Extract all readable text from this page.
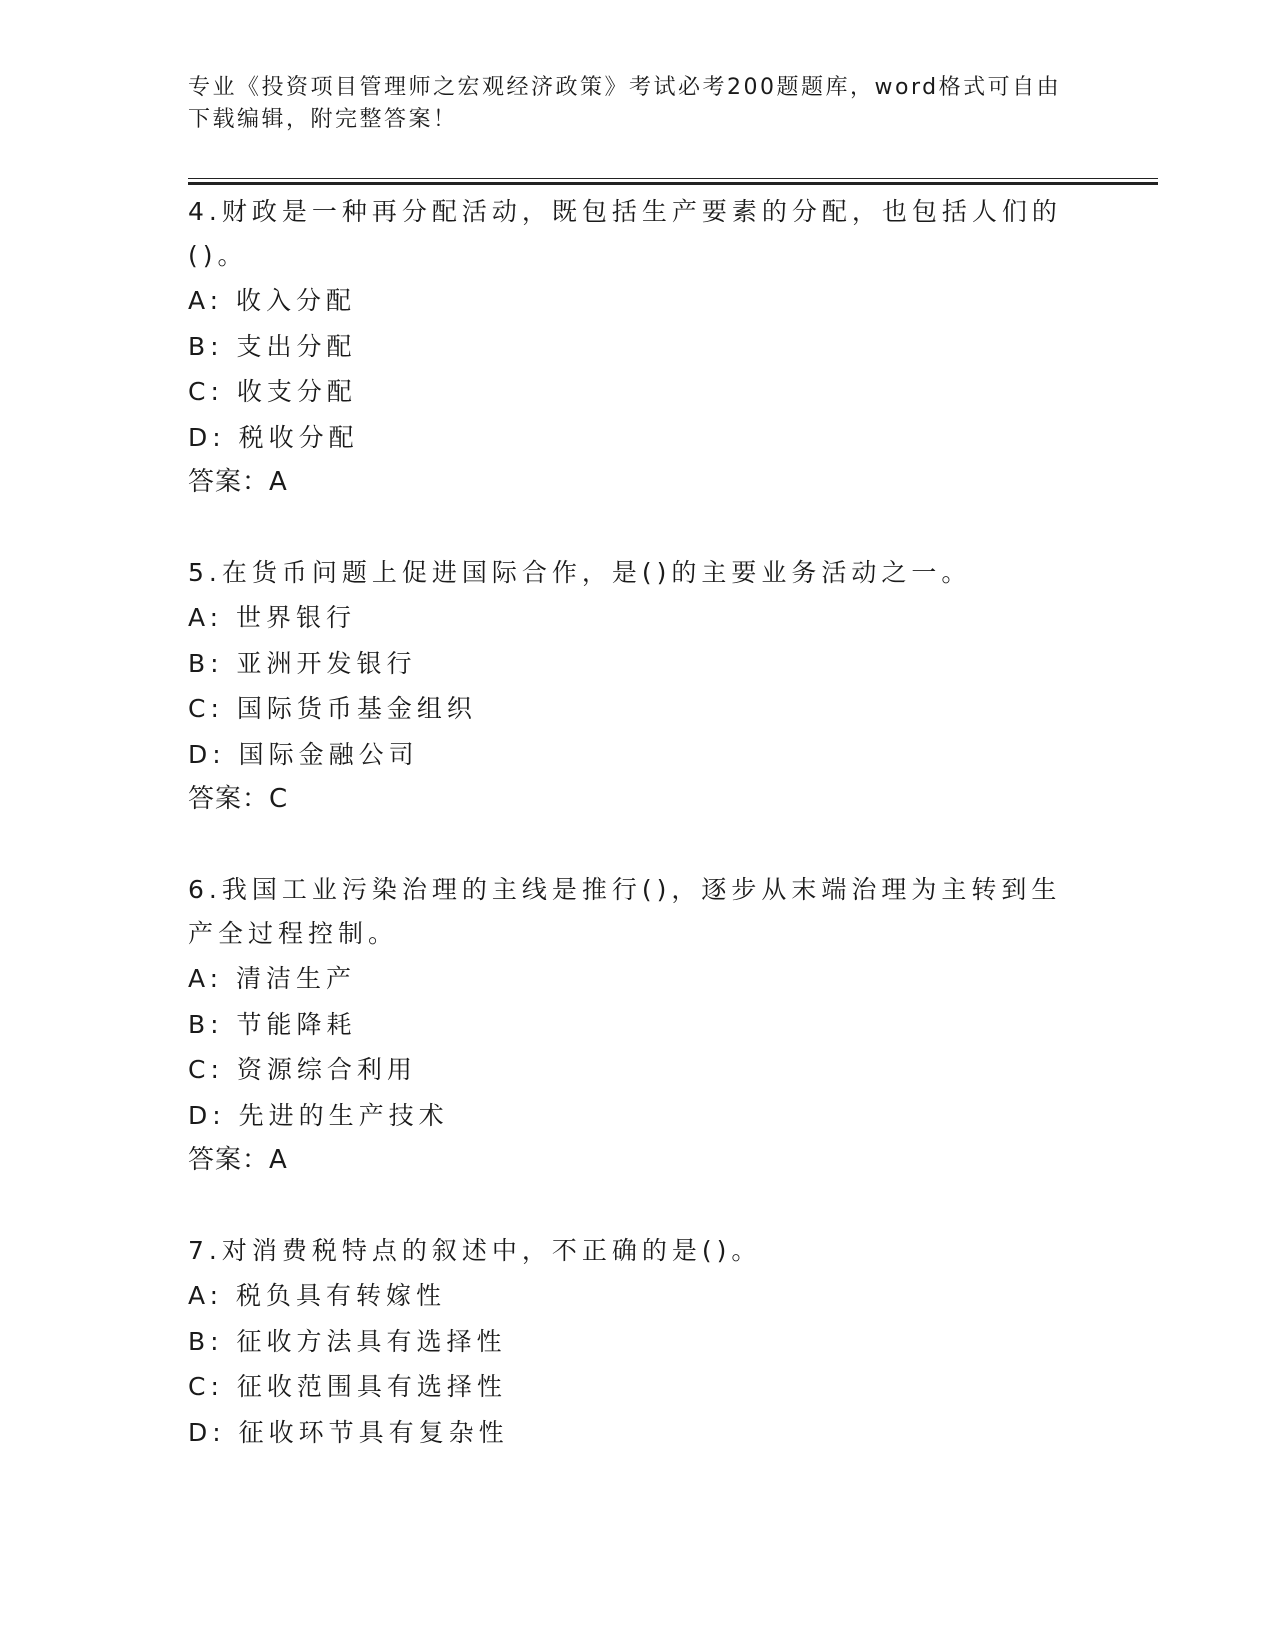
专业《投资项目管理师之宏观经济政策》考试必考200题题库，word格式可自由下载编辑，附完整答案！

4.财政是一种再分配活动，既包括生产要素的分配，也包括人们的()。

A: 收入分配

B: 支出分配

C: 收支分配

D: 税收分配

答案：A

5.在货币问题上促进国际合作，是()的主要业务活动之一。

A: 世界银行

B: 亚洲开发银行

C: 国际货币基金组织

D: 国际金融公司

答案：C

6.我国工业污染治理的主线是推行()，逐步从末端治理为主转到生产全过程控制。

A: 清洁生产

B: 节能降耗

C: 资源综合利用

D: 先进的生产技术

答案：A

7.对消费税特点的叙述中，不正确的是()。

A: 税负具有转嫁性

B: 征收方法具有选择性

C: 征收范围具有选择性

D: 征收环节具有复杂性
